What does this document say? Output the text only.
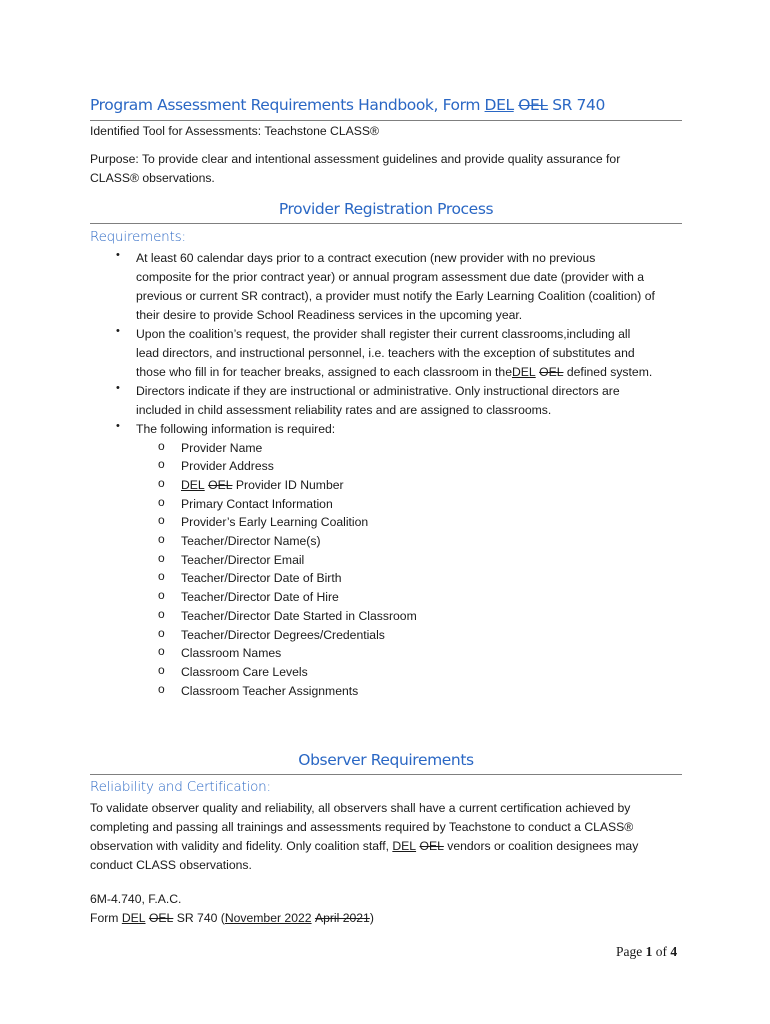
Program Assessment Requirements Handbook, Form DEL OEL SR 740
Identified Tool for Assessments: Teachstone CLASS®
Purpose: To provide clear and intentional assessment guidelines and provide quality assurance for
CLASS® observations.
Provider Registration Process
Requirements:
• At least 60 calendar days prior to a contract execution (new provider with no previous
composite for the prior contract year) or annual program assessment due date (provider with a
previous or current SR contract), a provider must notify the Early Learning Coalition (coalition) of
their desire to provide School Readiness services in the upcoming year.
• Upon the coalition’s request, the provider shall register their current classrooms,including all
lead directors, and instructional personnel, i.e. teachers with the exception of substitutes and
those who fill in for teacher breaks, assigned to each classroom in theDEL OEL defined system.
• Directors indicate if they are instructional or administrative. Only instructional directors are
included in child assessment reliability rates and are assigned to classrooms.
• The following information is required:
o Provider Name
o Provider Address
o DEL OEL Provider ID Number
o Primary Contact Information
o Provider’s Early Learning Coalition
o Teacher/Director Name(s)
o Teacher/Director Email
o Teacher/Director Date of Birth
o Teacher/Director Date of Hire
o Teacher/Director Date Started in Classroom
o Teacher/Director Degrees/Credentials
o Classroom Names
o Classroom Care Levels
o Classroom Teacher Assignments
Observer Requirements
Reliability and Certification:
To validate observer quality and reliability, all observers shall have a current certification achieved by
completing and passing all trainings and assessments required by Teachstone to conduct a CLASS®
observation with validity and fidelity. Only coalition staff, DEL OEL vendors or coalition designees may
conduct CLASS observations.
6M-4.740, F.A.C.
Form DEL OEL SR 740 (November 2022 April 2021)
Page 1 of 4
